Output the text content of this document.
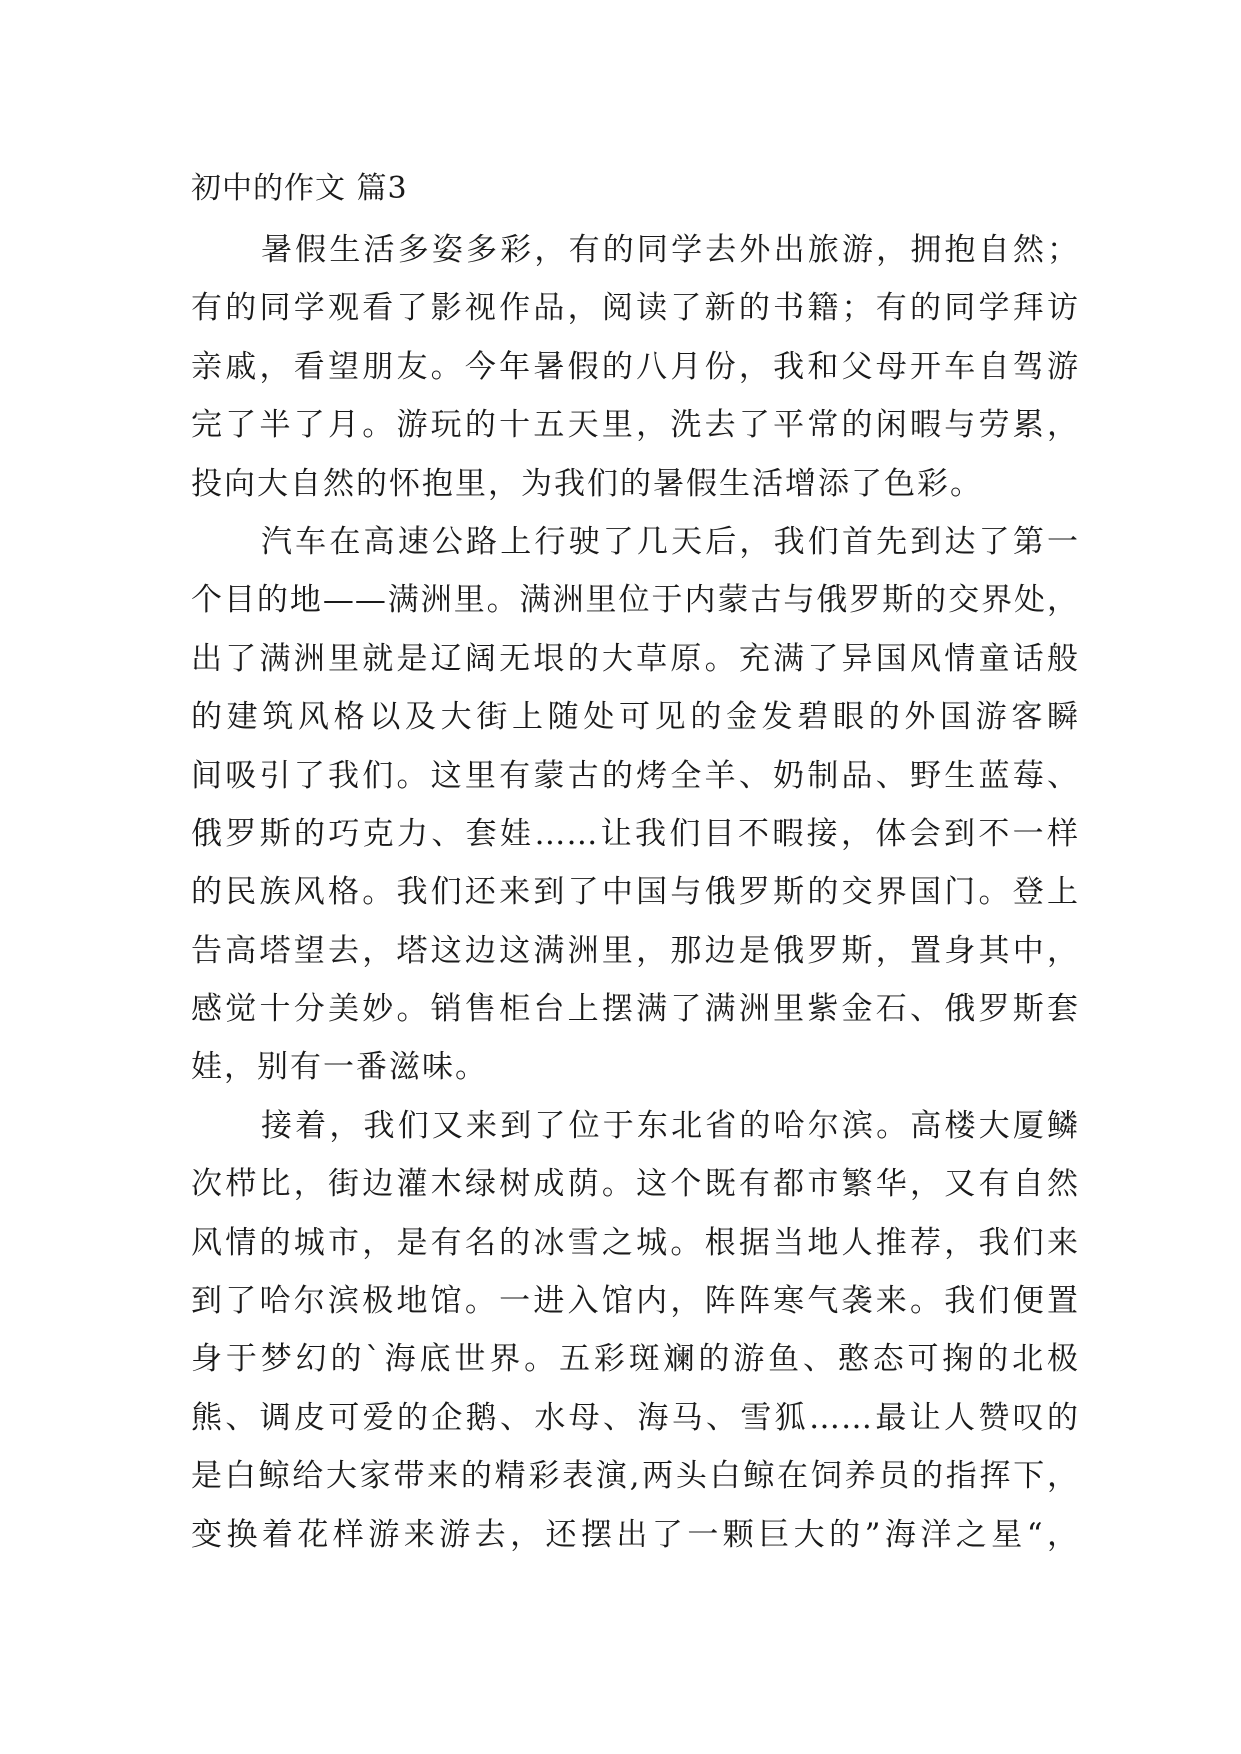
初中的作文 篇3
暑假生活多姿多彩，有的同学去外出旅游，拥抱自然；
有的同学观看了影视作品，阅读了新的书籍；有的同学拜访
亲戚，看望朋友。今年暑假的八月份，我和父母开车自驾游
完了半了月。游玩的十五天里，洗去了平常的闲暇与劳累，
投向大自然的怀抱里，为我们的暑假生活增添了色彩。
汽车在高速公路上行驶了几天后，我们首先到达了第一
个目的地——满洲里。满洲里位于内蒙古与俄罗斯的交界处，
出了满洲里就是辽阔无垠的大草原。充满了异国风情童话般
的建筑风格以及大街上随处可见的金发碧眼的外国游客瞬
间吸引了我们。这里有蒙古的烤全羊、奶制品、野生蓝莓、
俄罗斯的巧克力、套娃……让我们目不暇接，体会到不一样
的民族风格。我们还来到了中国与俄罗斯的交界国门。登上
告高塔望去，塔这边这满洲里，那边是俄罗斯，置身其中，
感觉十分美妙。销售柜台上摆满了满洲里紫金石、俄罗斯套
娃，别有一番滋味。
接着，我们又来到了位于东北省的哈尔滨。高楼大厦鳞
次栉比，街边灌木绿树成荫。这个既有都市繁华，又有自然
风情的城市，是有名的冰雪之城。根据当地人推荐，我们来
到了哈尔滨极地馆。一进入馆内，阵阵寒气袭来。我们便置
身于梦幻的`海底世界。五彩斑斓的游鱼、憨态可掬的北极
熊、调皮可爱的企鹅、水母、海马、雪狐……最让人赞叹的
是白鲸给大家带来的精彩表演,两头白鲸在饲养员的指挥下，
变换着花样游来游去，还摆出了一颗巨大的”海洋之星“，
